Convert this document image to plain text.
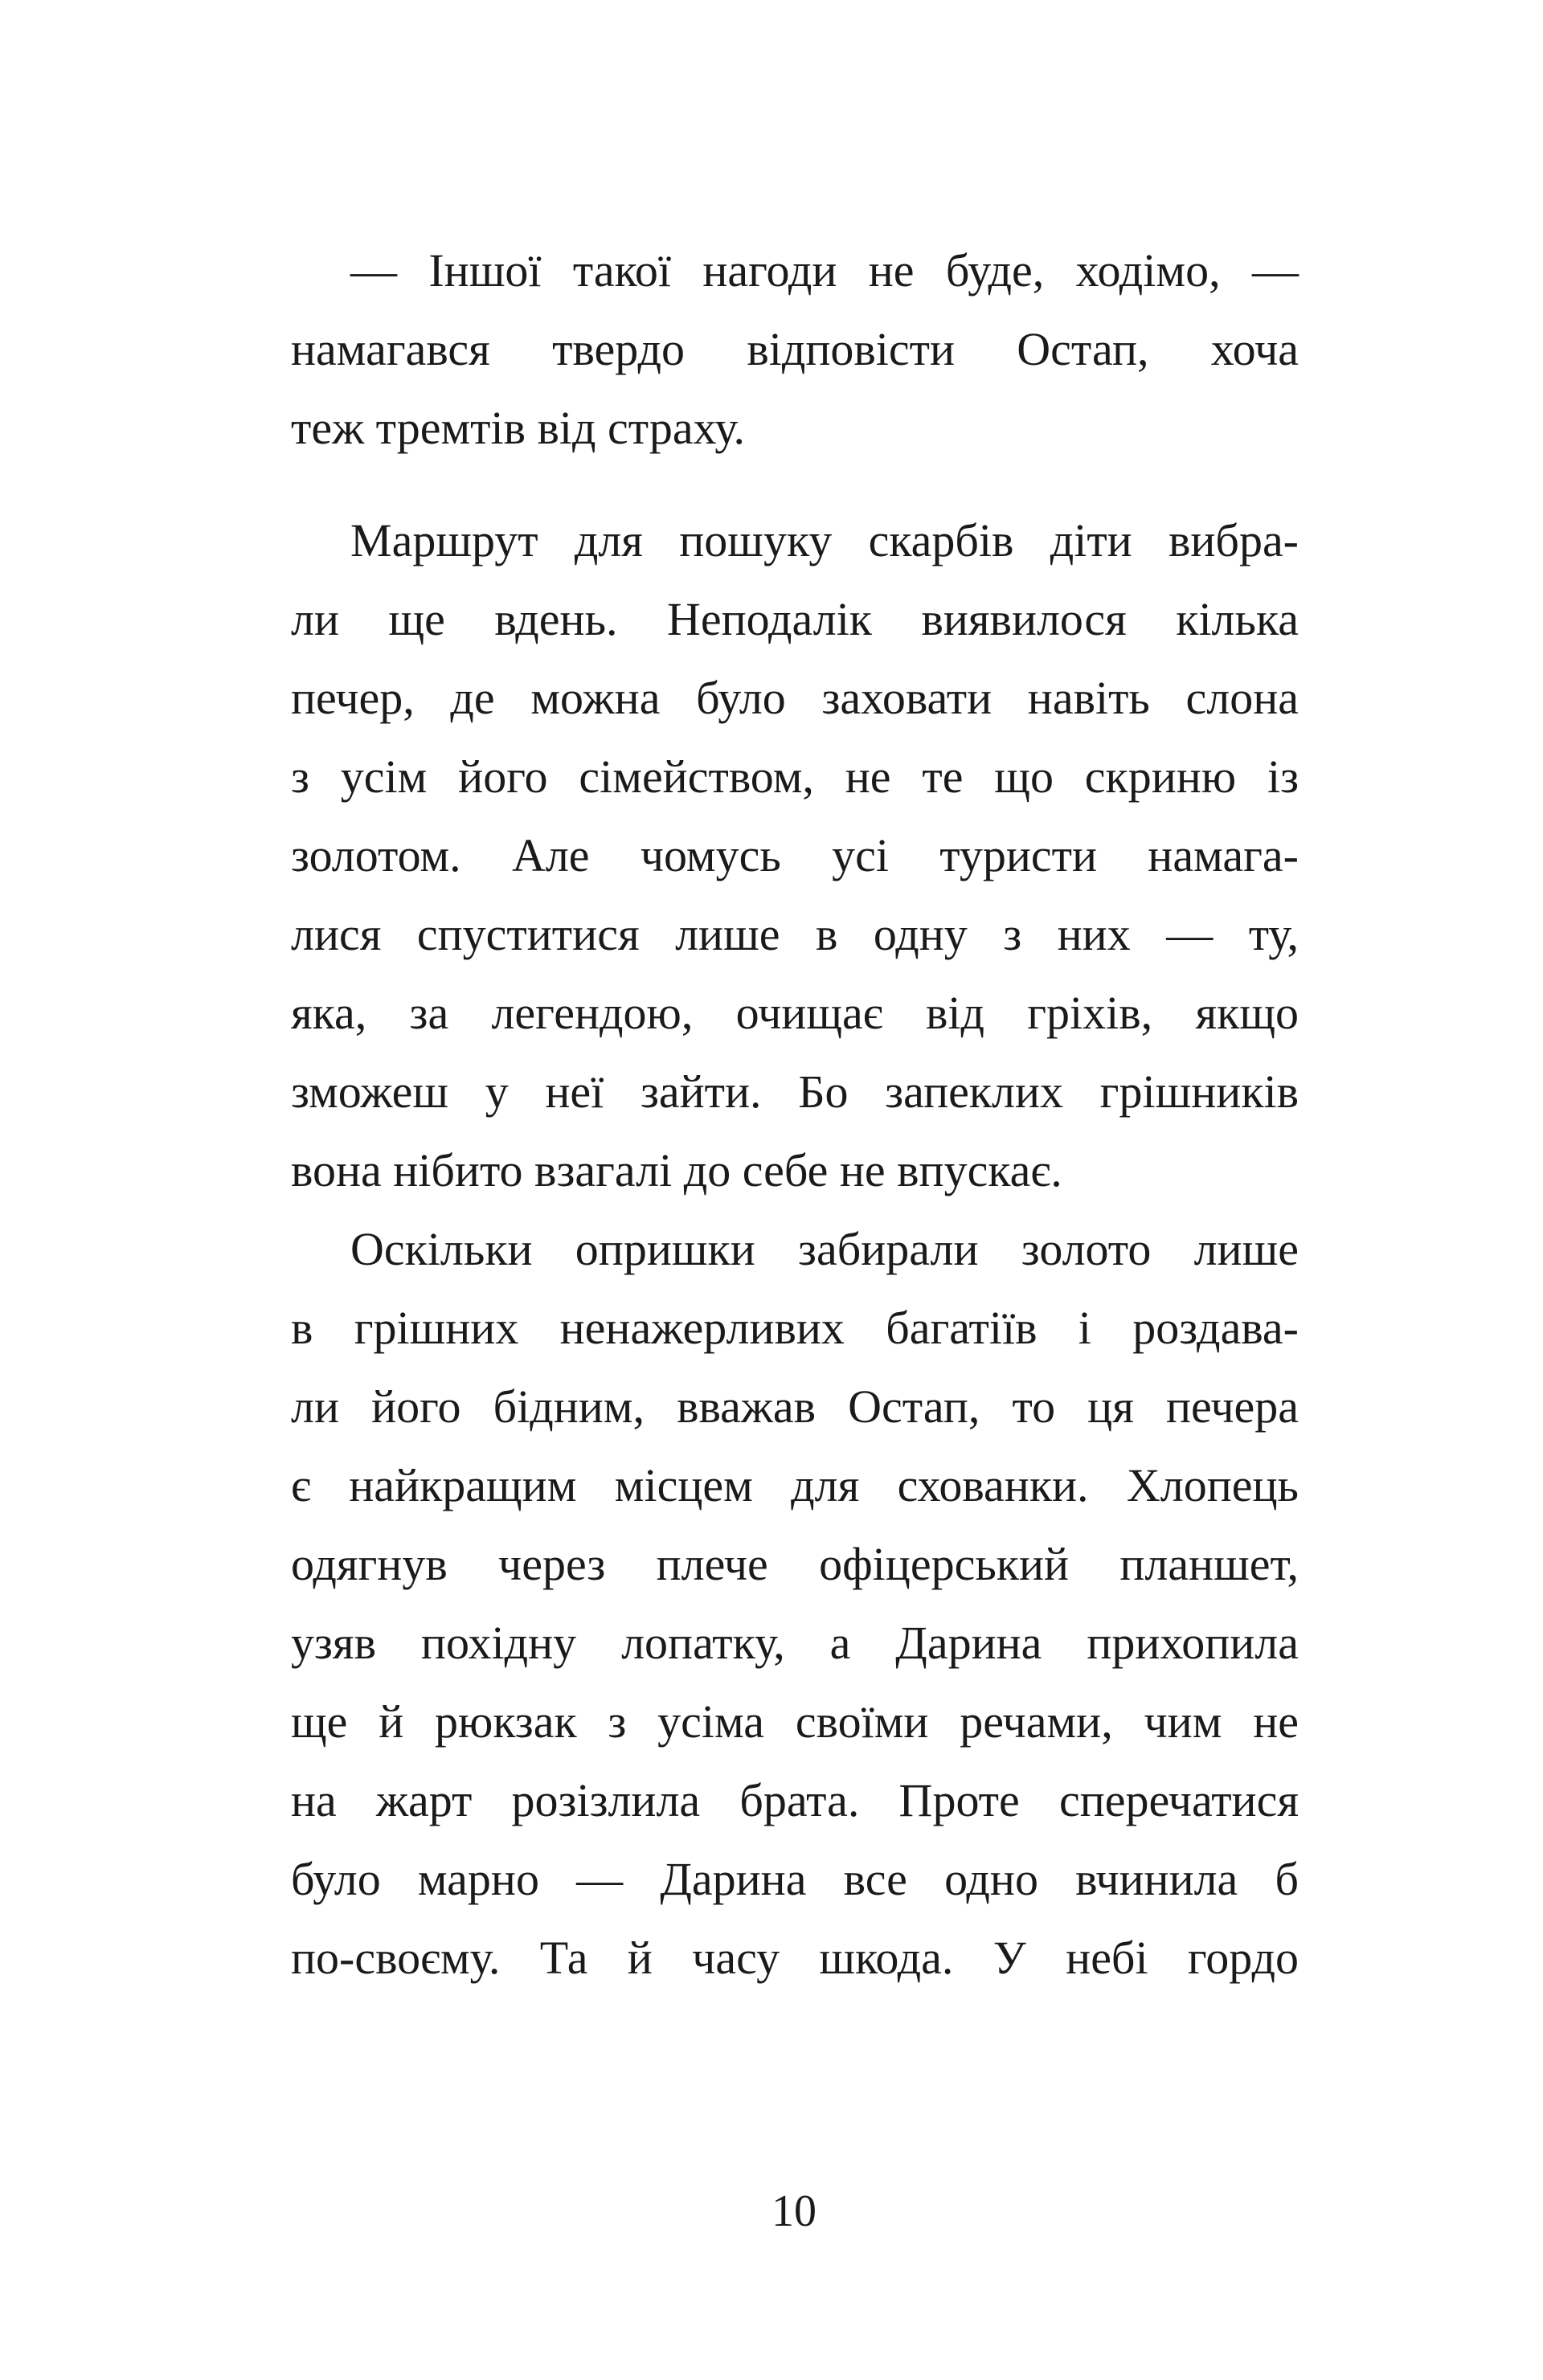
— Іншої такої нагоди не буде, ходімо, —
намагався твердо відповісти Остап, хоча
теж тремтів від страху.
Маршрут для пошуку скарбів діти вибра-
ли ще вдень. Неподалік виявилося кілька
печер, де можна було заховати навіть слона
з усім його сімейством, не те що скриню із
золотом. Але чомусь усі туристи намага-
лися спуститися лише в одну з них — ту,
яка, за легендою, очищає від гріхів, якщо
зможеш у неї зайти. Бо запеклих грішників
вона нібито взагалі до себе не впускає.
Оскільки опришки забирали золото лише
в грішних ненажерливих багатіїв і роздава-
ли його бідним, вважав Остап, то ця печера
є найкращим місцем для схованки. Хлопець
одягнув через плече офіцерський планшет,
узяв похідну лопатку, а Дарина прихопила
ще й рюкзак з усіма своїми речами, чим не
на жарт розізлила брата. Проте сперечатися
було марно — Дарина все одно вчинила б
по-своєму. Та й часу шкода. У небі гордо
10
